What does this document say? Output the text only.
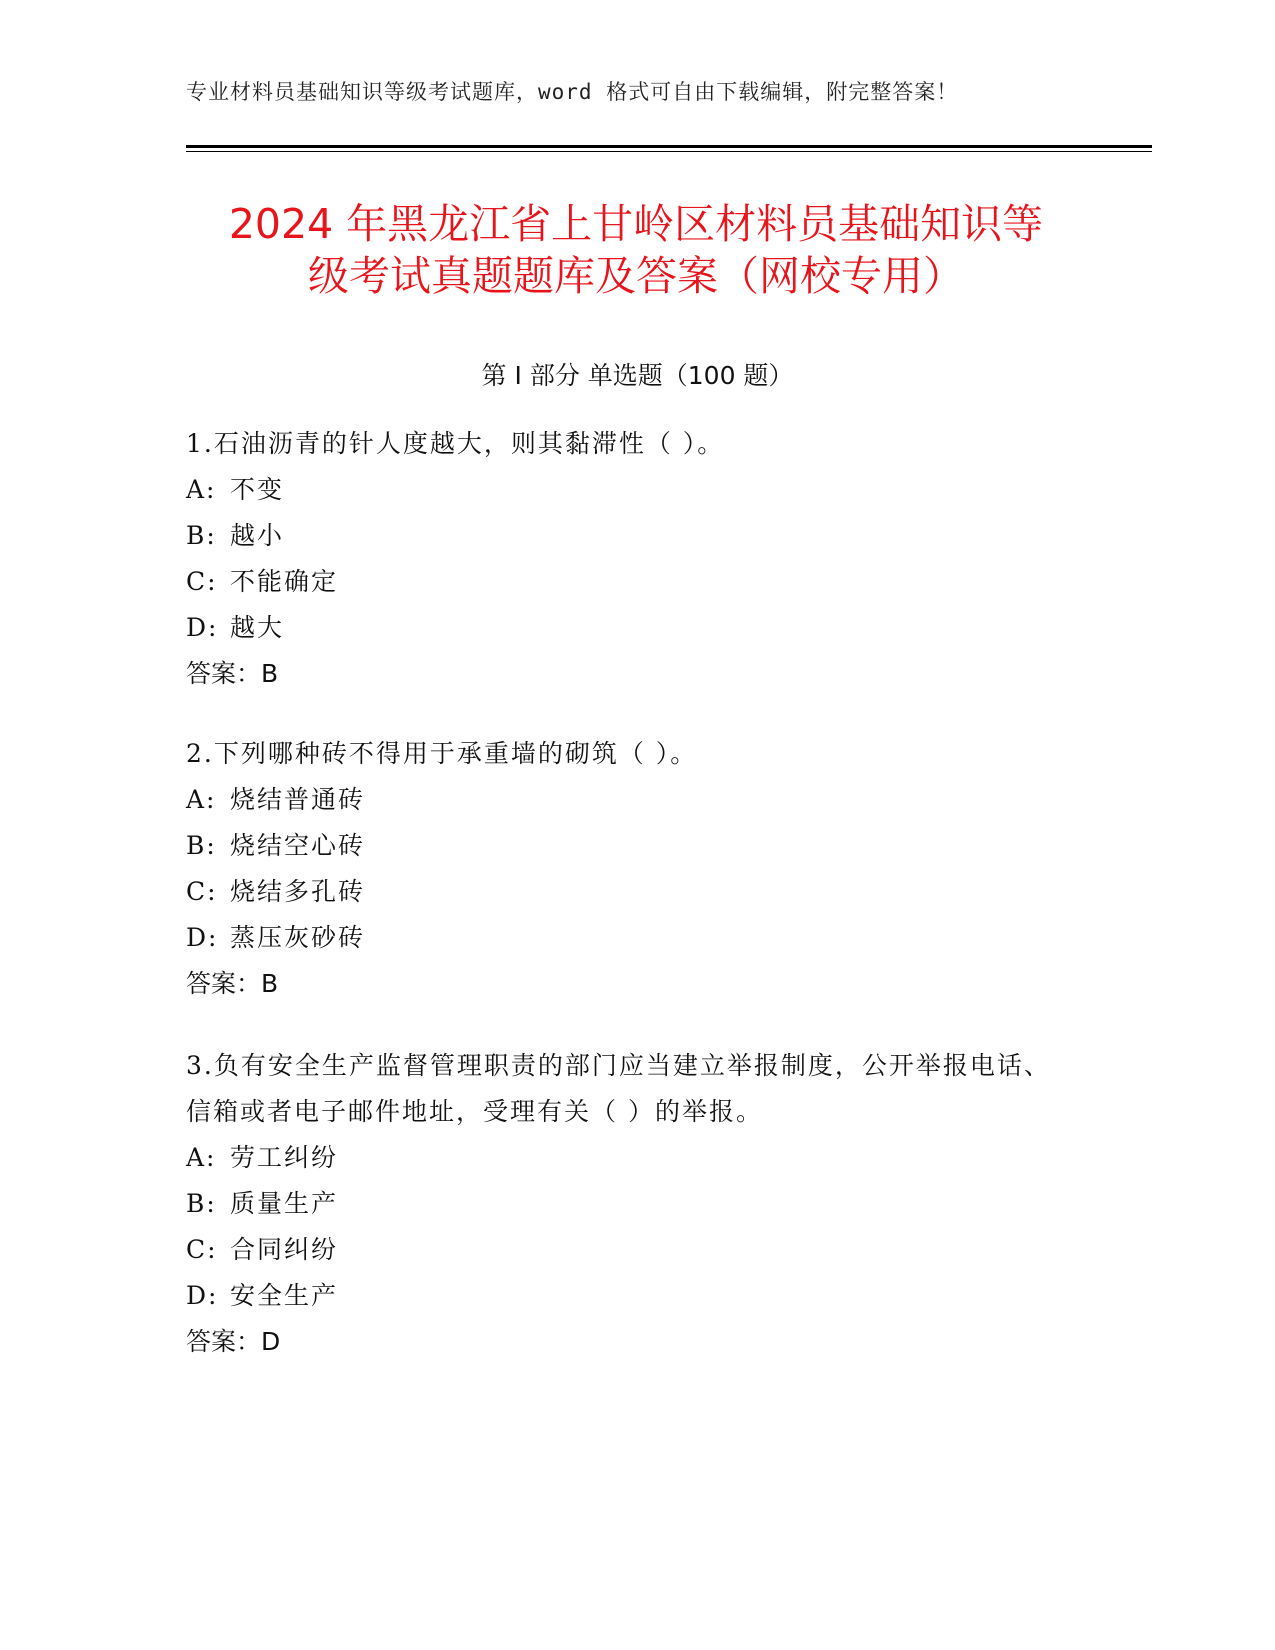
专业材料员基础知识等级考试题库，word 格式可自由下载编辑，附完整答案！
2024 年黑龙江省上甘岭区材料员基础知识等
级考试真题题库及答案（网校专用）
第 I 部分 单选题（100 题）

1.石油沥青的针人度越大，则其黏滞性（ ）。

A: 不变

B: 越小

C: 不能确定

D: 越大

答案：B

2.下列哪种砖不得用于承重墙的砌筑（ ）。

A: 烧结普通砖

B: 烧结空心砖

C: 烧结多孔砖

D: 蒸压灰砂砖

答案：B

3.负有安全生产监督管理职责的部门应当建立举报制度，公开举报电话、信箱或者电子邮件地址，受理有关（ ）的举报。

A: 劳工纠纷

B: 质量生产

C: 合同纠纷

D: 安全生产

答案：D
